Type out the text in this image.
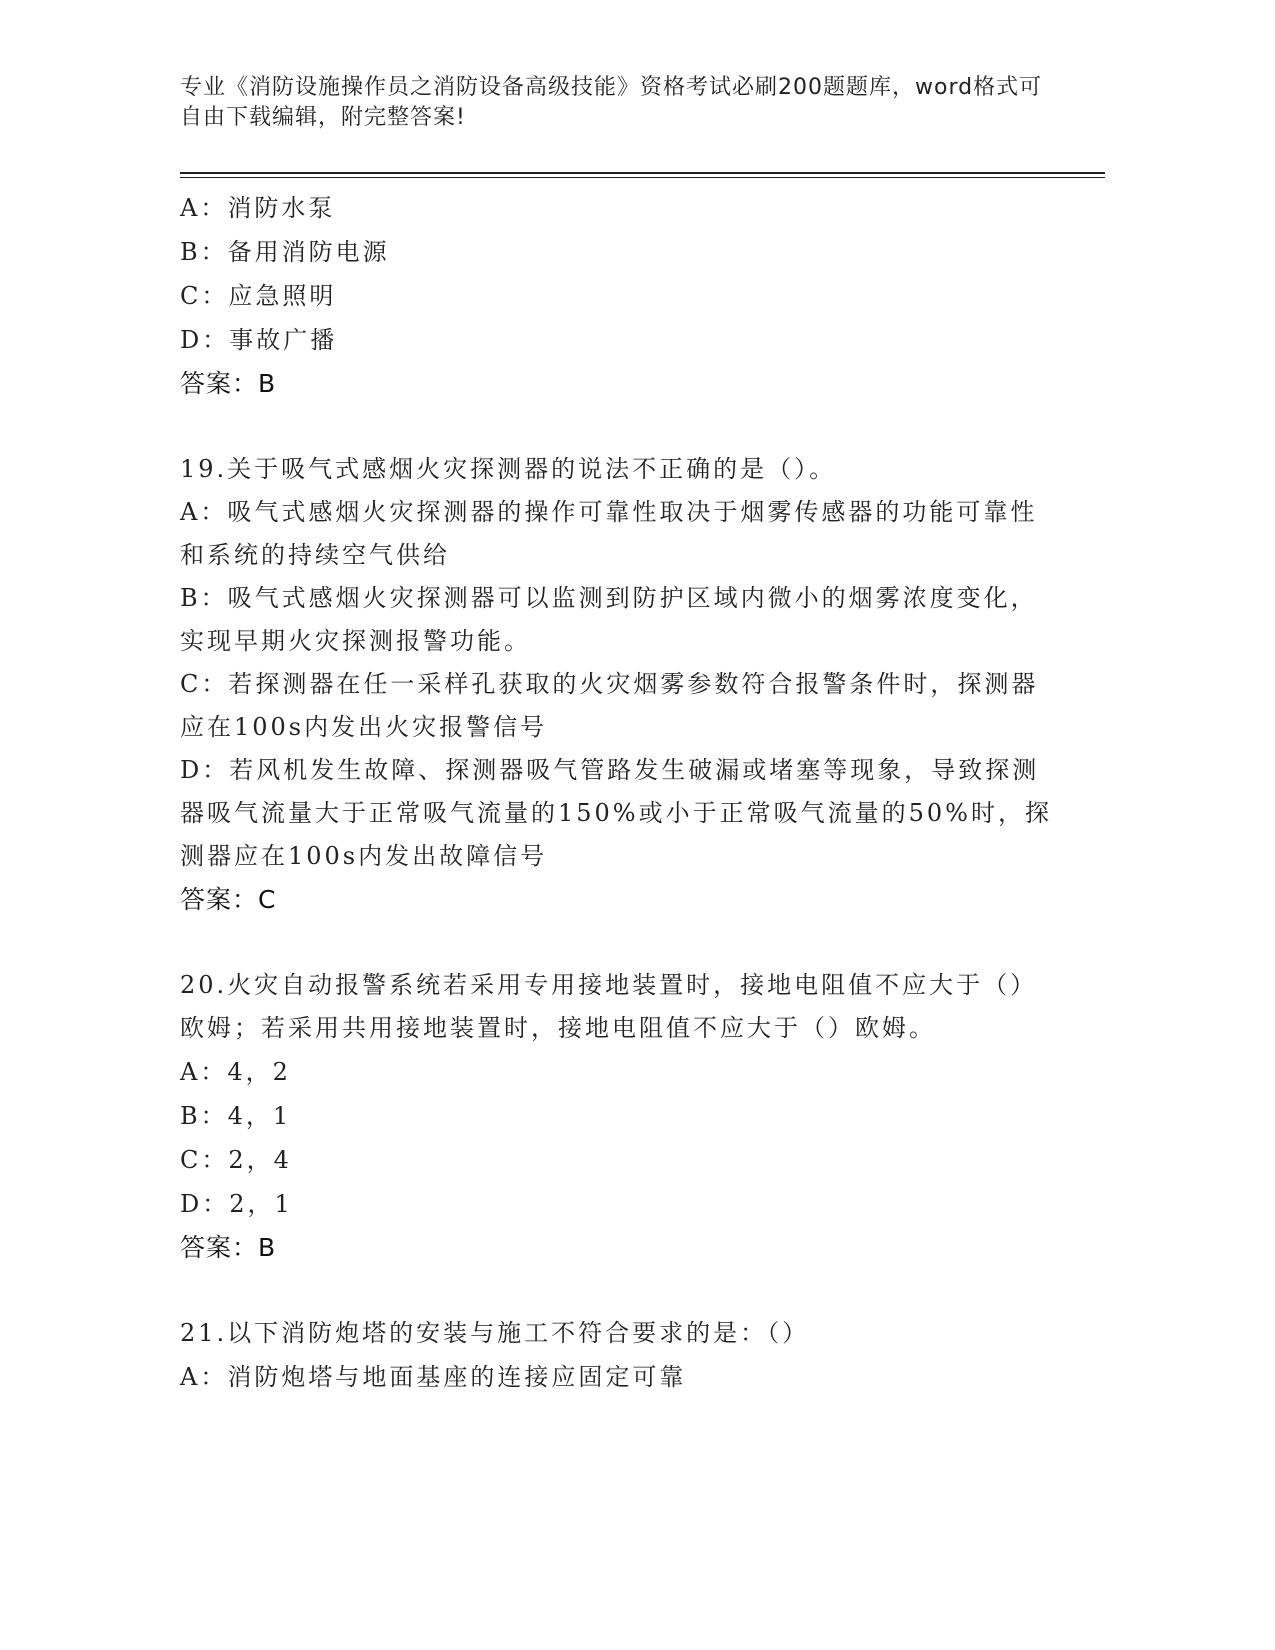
专业《消防设施操作员之消防设备高级技能》资格考试必刷200题题库，word格式可自由下载编辑，附完整答案!
A：消防水泵
B：备用消防电源
C：应急照明
D：事故广播
答案：B
19.关于吸气式感烟火灾探测器的说法不正确的是（）。
A：吸气式感烟火灾探测器的操作可靠性取决于烟雾传感器的功能可靠性和系统的持续空气供给
B：吸气式感烟火灾探测器可以监测到防护区域内微小的烟雾浓度变化，实现早期火灾探测报警功能。
C：若探测器在任一采样孔获取的火灾烟雾参数符合报警条件时，探测器应在100s内发出火灾报警信号
D：若风机发生故障、探测器吸气管路发生破漏或堵塞等现象，导致探测器吸气流量大于正常吸气流量的150%或小于正常吸气流量的50%时，探测器应在100s内发出故障信号
答案：C
20.火灾自动报警系统若采用专用接地装置时，接地电阻值不应大于（）欧姆；若采用共用接地装置时，接地电阻值不应大于（）欧姆。
A：4，2
B：4，1
C：2，4
D：2，1
答案：B
21.以下消防炮塔的安装与施工不符合要求的是：（）
A：消防炮塔与地面基座的连接应固定可靠
